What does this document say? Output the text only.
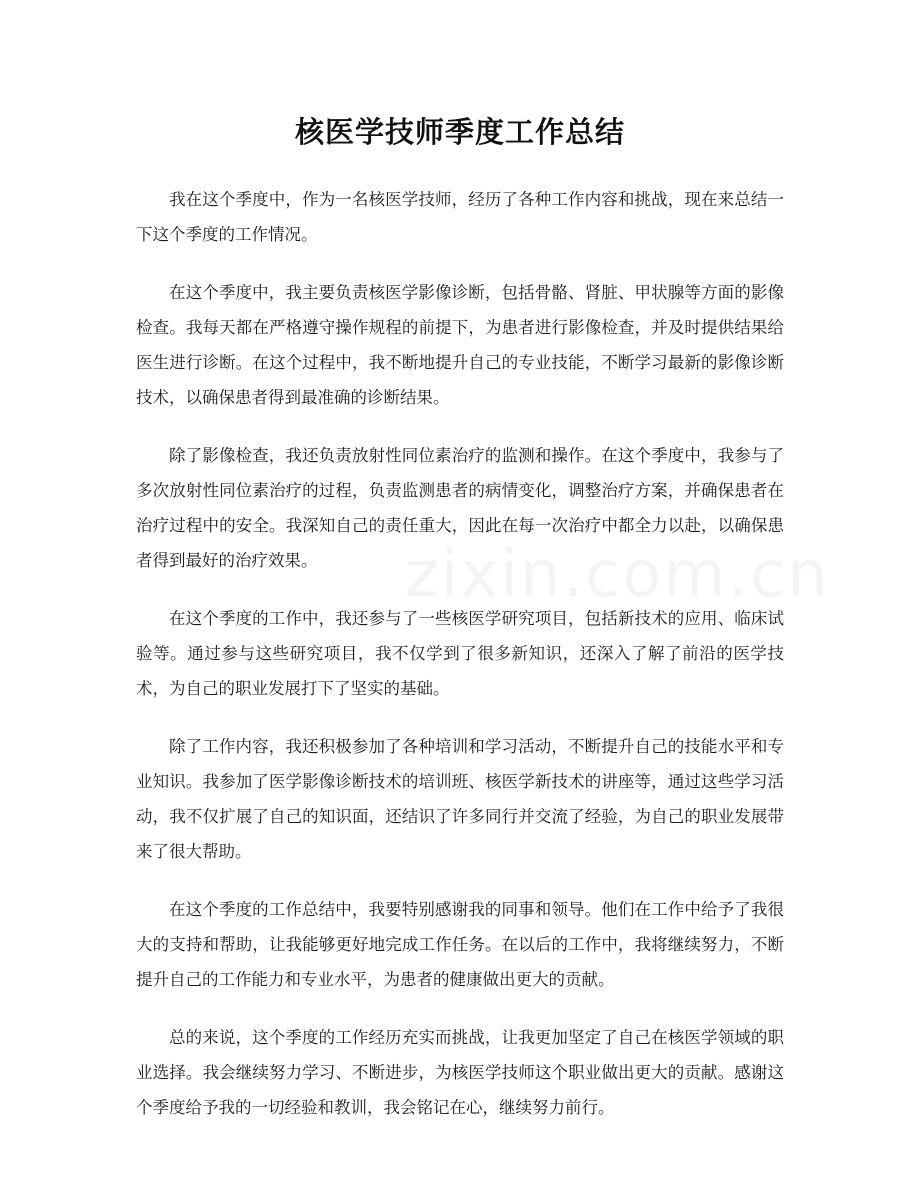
核医学技师季度工作总结

我在这个季度中，作为一名核医学技师，经历了各种工作内容和挑战，现在来总结一下这个季度的工作情况。

在这个季度中，我主要负责核医学影像诊断，包括骨骼、肾脏、甲状腺等方面的影像检查。我每天都在严格遵守操作规程的前提下，为患者进行影像检查，并及时提供结果给医生进行诊断。在这个过程中，我不断地提升自己的专业技能，不断学习最新的影像诊断技术，以确保患者得到最准确的诊断结果。

除了影像检查，我还负责放射性同位素治疗的监测和操作。在这个季度中，我参与了多次放射性同位素治疗的过程，负责监测患者的病情变化，调整治疗方案，并确保患者在治疗过程中的安全。我深知自己的责任重大，因此在每一次治疗中都全力以赴，以确保患者得到最好的治疗效果。

在这个季度的工作中，我还参与了一些核医学研究项目，包括新技术的应用、临床试验等。通过参与这些研究项目，我不仅学到了很多新知识，还深入了解了前沿的医学技术，为自己的职业发展打下了坚实的基础。

除了工作内容，我还积极参加了各种培训和学习活动，不断提升自己的技能水平和专业知识。我参加了医学影像诊断技术的培训班、核医学新技术的讲座等，通过这些学习活动，我不仅扩展了自己的知识面，还结识了许多同行并交流了经验，为自己的职业发展带来了很大帮助。

在这个季度的工作总结中，我要特别感谢我的同事和领导。他们在工作中给予了我很大的支持和帮助，让我能够更好地完成工作任务。在以后的工作中，我将继续努力，不断提升自己的工作能力和专业水平，为患者的健康做出更大的贡献。

总的来说，这个季度的工作经历充实而挑战，让我更加坚定了自己在核医学领域的职业选择。我会继续努力学习、不断进步，为核医学技师这个职业做出更大的贡献。感谢这个季度给予我的一切经验和教训，我会铭记在心，继续努力前行。
